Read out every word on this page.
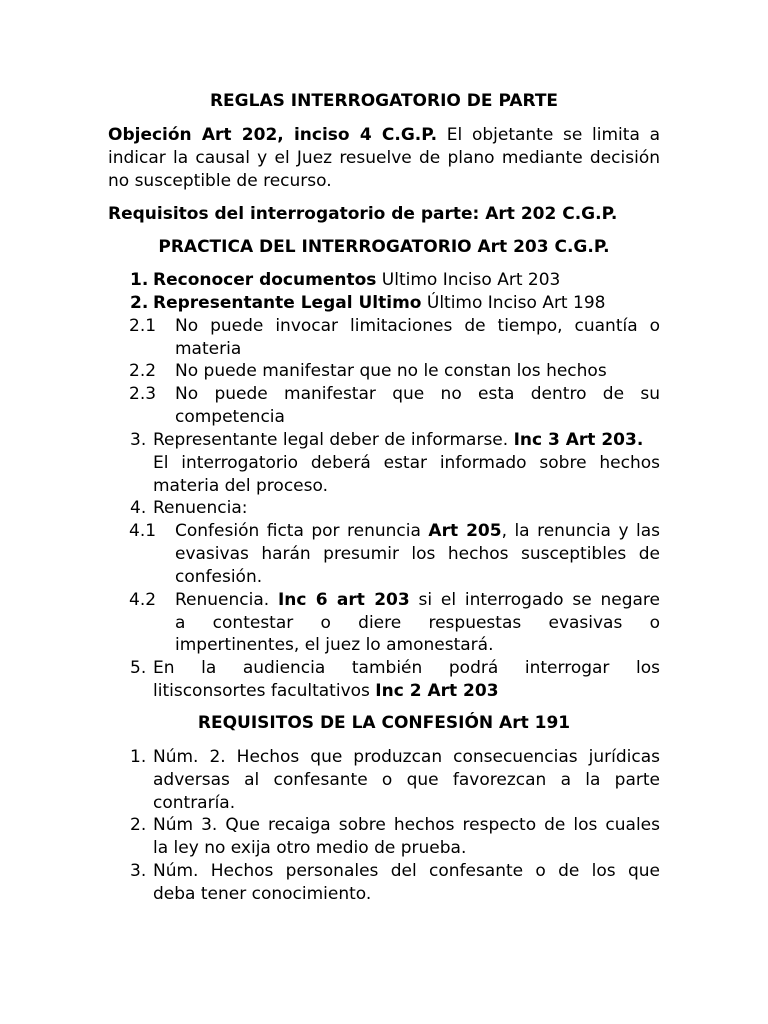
REGLAS INTERROGATORIO DE PARTE
Objeción Art 202, inciso 4 C.G.P. El objetante se limita a
indicar la causal y el Juez resuelve de plano mediante decisión
no susceptible de recurso.
Requisitos del interrogatorio de parte: Art 202 C.G.P.
PRACTICA DEL INTERROGATORIO Art 203 C.G.P.
1. Reconocer documentos Ultimo Inciso Art 203
2. Representante Legal Ultimo Último Inciso Art 198
2.1 No puede invocar limitaciones de tiempo, cuantía o
materia
2.2 No puede manifestar que no le constan los hechos
2.3 No puede manifestar que no esta dentro de su
competencia
3. Representante legal deber de informarse. Inc 3 Art 203.
El interrogatorio deberá estar informado sobre hechos
materia del proceso.
4. Renuencia:
4.1 Confesión ficta por renuncia Art 205, la renuncia y las
evasivas harán presumir los hechos susceptibles de
confesión.
4.2 Renuencia. Inc 6 art 203 si el interrogado se negare
a contestar o diere respuestas evasivas o
impertinentes, el juez lo amonestará.
5. En la audiencia también podrá interrogar los
litisconsortes facultativos Inc 2 Art 203
REQUISITOS DE LA CONFESIÓN Art 191
1. Núm. 2. Hechos que produzcan consecuencias jurídicas
adversas al confesante o que favorezcan a la parte
contraría.
2. Núm 3. Que recaiga sobre hechos respecto de los cuales
la ley no exija otro medio de prueba.
3. Núm. Hechos personales del confesante o de los que
deba tener conocimiento.
